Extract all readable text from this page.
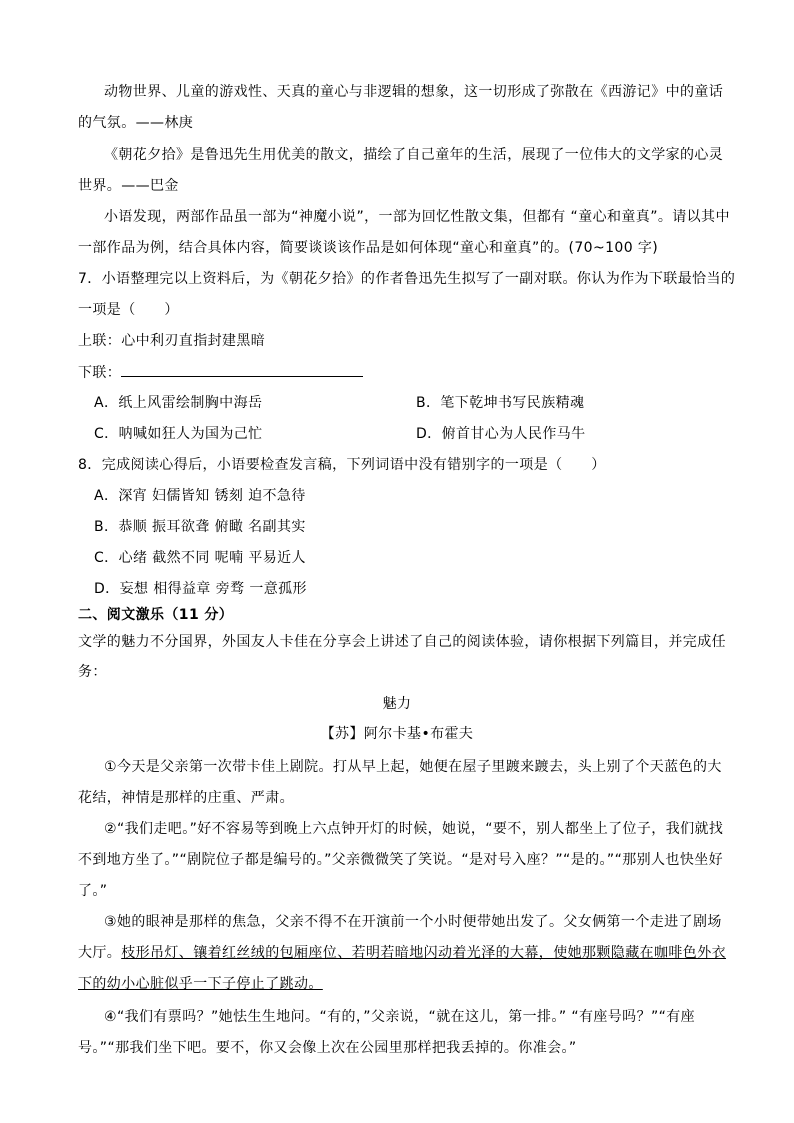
动物世界、儿童的游戏性、天真的童心与非逻辑的想象，这一切形成了弥散在《西游记》中的童话
的气氛。——林庚
《朝花夕拾》是鲁迅先生用优美的散文，描绘了自己童年的生活，展现了一位伟大的文学家的心灵
世界。——巴金
小语发现，两部作品虽一部为“神魔小说”，一部为回忆性散文集，但都有 “童心和童真”。请以其中
一部作品为例，结合具体内容，简要谈谈该作品是如何体现“童心和童真”的。(70~100 字)
7．小语整理完以上资料后，为《朝花夕拾》的作者鲁迅先生拟写了一副对联。你认为作为下联最恰当的
一项是（　　）
上联：心中利刃直指封建黑暗
下联：
A．纸上风雷绘制胸中海岳	B．笔下乾坤书写民族精魂
C．呐喊如狂人为国为己忙	D．俯首甘心为人民作马牛
8．完成阅读心得后，小语要检查发言稿，下列词语中没有错别字的一项是（　　）
A．深宵 妇儒皆知 锈刻 迫不急待
B．恭顺 振耳欲聋 俯瞰 名副其实
C．心绪 截然不同 呢喃 平易近人
D．妄想 相得益章 旁骛 一意孤形
二、阅文激乐（11 分）
文学的魅力不分国界，外国友人卡佳在分享会上讲述了自己的阅读体验，请你根据下列篇目，并完成任
务：
魅力
【苏】阿尔卡基•布霍夫
①今天是父亲第一次带卡佳上剧院。打从早上起，她便在屋子里踱来踱去，头上别了个天蓝色的大
花结，神情是那样的庄重、严肃。
②“我们走吧。”好不容易等到晚上六点钟开灯的时候，她说，“要不，别人都坐上了位子，我们就找
不到地方坐了。”“剧院位子都是编号的。”父亲微微笑了笑说。“是对号入座？”“是的。”“那别人也快坐好
了。”
③她的眼神是那样的焦急，父亲不得不在开演前一个小时便带她出发了。父女俩第一个走进了剧场
大厅。枝形吊灯、镶着红丝绒的包厢座位、若明若暗地闪动着光泽的大幕，使她那颗隐藏在咖啡色外衣
下的幼小心脏似乎一下子停止了跳动。
④“我们有票吗？”她怯生生地问。“有的，”父亲说，“就在这儿，第一排。” “有座号吗？”“有座
号。”“那我们坐下吧。要不，你又会像上次在公园里那样把我丢掉的。你准会。”
